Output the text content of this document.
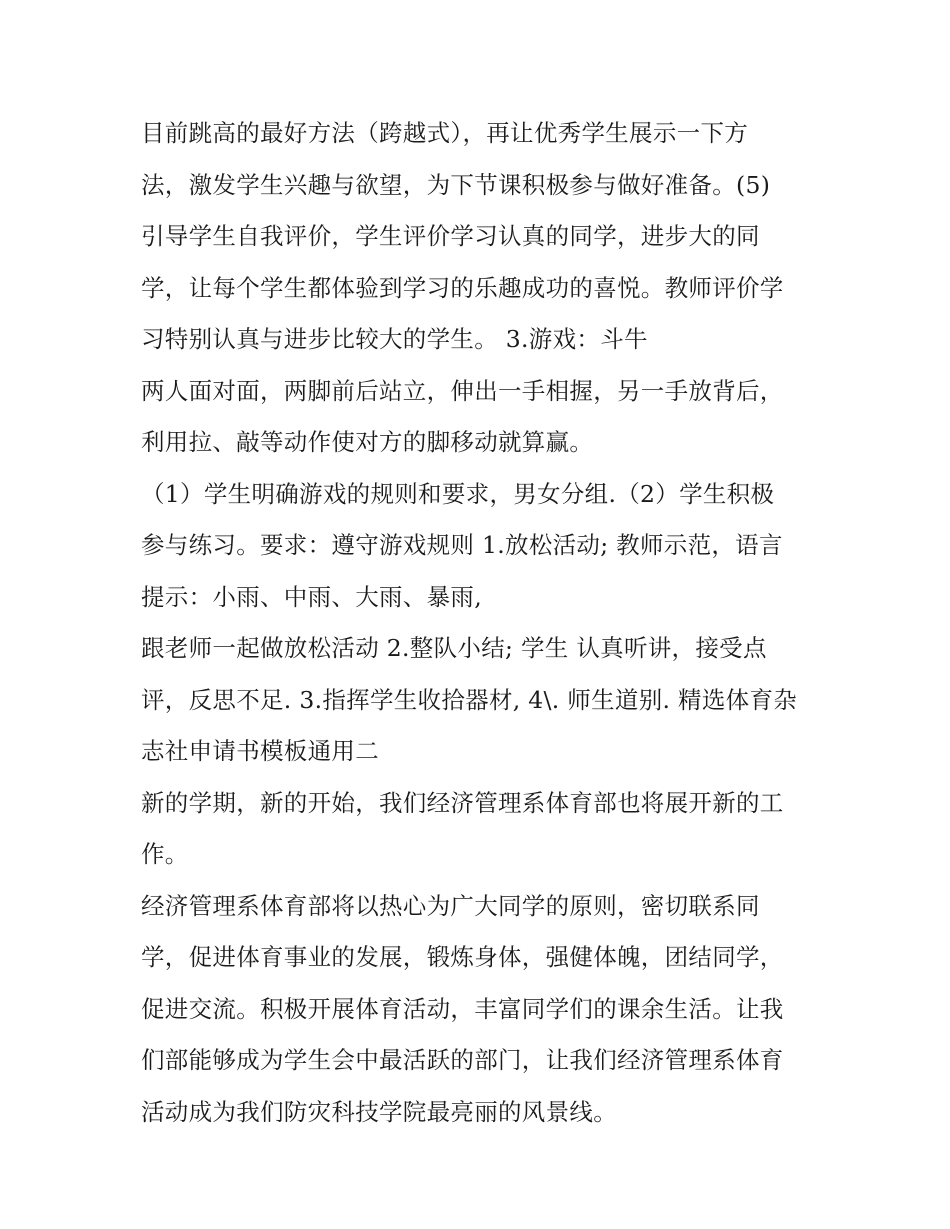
目前跳高的最好方法（跨越式），再让优秀学生展示一下方
法，激发学生兴趣与欲望，为下节课积极参与做好准备。(5)
引导学生自我评价，学生评价学习认真的同学，进步大的同
学，让每个学生都体验到学习的乐趣成功的喜悦。教师评价学
习特别认真与进步比较大的学生。 3.游戏：斗牛
两人面对面，两脚前后站立，伸出一手相握，另一手放背后，
利用拉、敲等动作使对方的脚移动就算赢。
（1）学生明确游戏的规则和要求，男女分组.（2）学生积极
参与练习。要求：遵守游戏规则 1.放松活动; 教师示范，语言
提示：小雨、中雨、大雨、暴雨,
跟老师一起做放松活动 2.整队小结; 学生 认真听讲，接受点
评，反思不足. 3.指挥学生收拾器材, 4\. 师生道别. 精选体育杂
志社申请书模板通用二
新的学期，新的开始，我们经济管理系体育部也将展开新的工
作。
经济管理系体育部将以热心为广大同学的原则，密切联系同
学，促进体育事业的发展，锻炼身体，强健体魄，团结同学，
促进交流。积极开展体育活动，丰富同学们的课余生活。让我
们部能够成为学生会中最活跃的部门，让我们经济管理系体育
活动成为我们防灾科技学院最亮丽的风景线。
